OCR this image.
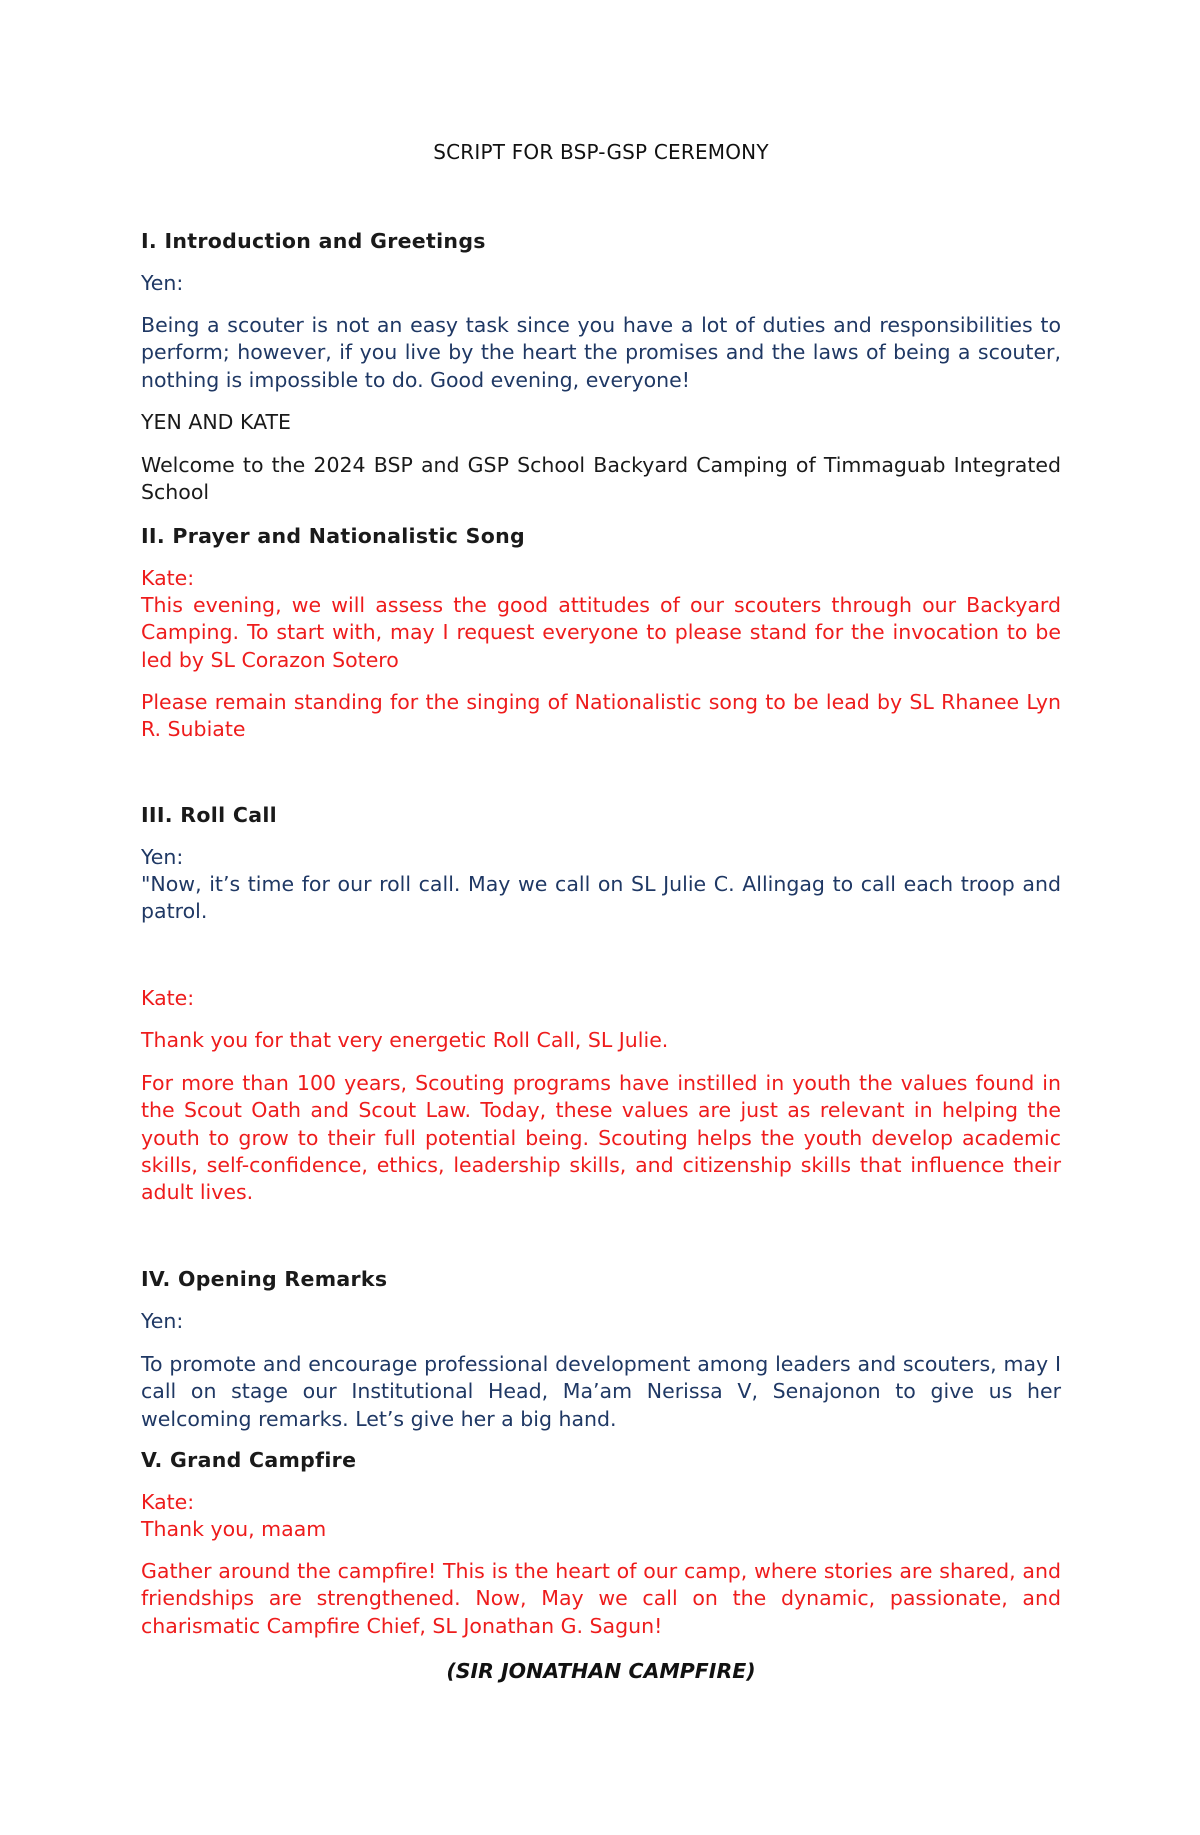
SCRIPT FOR BSP-GSP CEREMONY

I. Introduction and Greetings

Yen:

Being a scouter is not an easy task since you have a lot of duties and responsibilities to perform; however, if you live by the heart the promises and the laws of being a scouter, nothing is impossible to do. Good evening, everyone!

YEN AND KATE

Welcome to the 2024 BSP and GSP School Backyard Camping of Timmaguab Integrated School

II. Prayer and Nationalistic Song

Kate:

This evening, we will assess the good attitudes of our scouters through our Backyard Camping. To start with, may I request everyone to please stand for the invocation to be led by SL Corazon Sotero

Please remain standing for the singing of Nationalistic song to be lead by SL Rhanee Lyn R. Subiate

III. Roll Call

Yen:

"Now, it’s time for our roll call. May we call on SL Julie C. Allingag to call each troop and patrol.

Kate:

Thank you for that very energetic Roll Call, SL Julie.

For more than 100 years, Scouting programs have instilled in youth the values found in the Scout Oath and Scout Law. Today, these values are just as relevant in helping the youth to grow to their full potential being. Scouting helps the youth develop academic skills, self-confidence, ethics, leadership skills, and citizenship skills that influence their adult lives.

IV. Opening Remarks

Yen:

To promote and encourage professional development among leaders and scouters, may I call on stage our Institutional Head, Ma’am Nerissa V, Senajonon to give us her welcoming remarks. Let’s give her a big hand.

V. Grand Campfire

Kate:

Thank you, maam

Gather around the campfire! This is the heart of our camp, where stories are shared, and friendships are strengthened. Now, May we call on the dynamic, passionate, and charismatic Campfire Chief, SL Jonathan G. Sagun!

(SIR JONATHAN CAMPFIRE)
